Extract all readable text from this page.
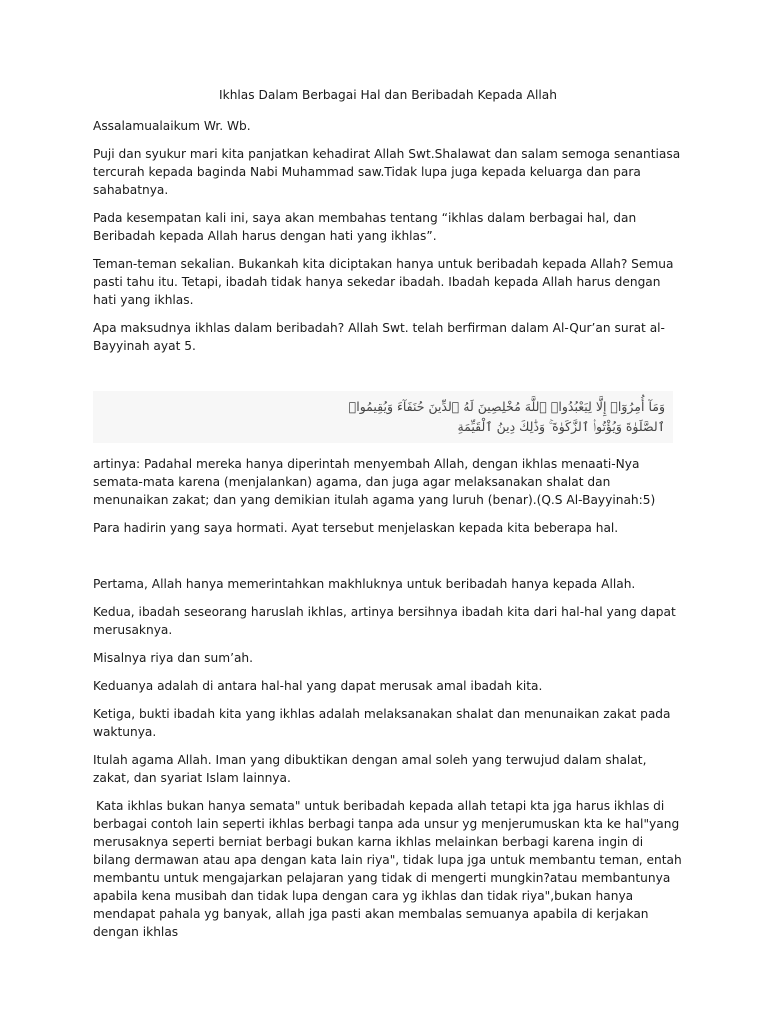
Ikhlas Dalam Berbagai Hal dan Beribadah Kepada Allah

Assalamualaikum Wr. Wb.

Puji dan syukur mari kita panjatkan kehadirat Allah Swt.Shalawat dan salam semoga senantiasa tercurah kepada baginda Nabi Muhammad saw.Tidak lupa juga kepada keluarga dan para sahabatnya.

Pada kesempatan kali ini, saya akan membahas tentang “ikhlas dalam berbagai hal, dan Beribadah kepada Allah harus dengan hati yang ikhlas”.

Teman-teman sekalian. Bukankah kita diciptakan hanya untuk beribadah kepada Allah? Semua pasti tahu itu. Tetapi, ibadah tidak hanya sekedar ibadah. Ibadah kepada Allah harus dengan hati yang ikhlas.

Apa maksudnya ikhlas dalam beribadah? Allah Swt. telah berfirman dalam Al-Qur’an surat al-Bayyinah ayat 5.

وَمَآ أُمِرُوٓا۟ إِلَّا لِيَعْبُدُوا۟ ٱللَّهَ مُخْلِصِينَ لَهُ ٱلدِّينَ حُنَفَآءَ وَيُقِيمُوا۟
ٱلصَّلَوٰةَ وَيُؤْتُوا۟ ٱلزَّكَوٰةَ ۚ وَذَٰلِكَ دِينُ ٱلْقَيِّمَةِ

artinya: Padahal mereka hanya diperintah menyembah Allah, dengan ikhlas menaati-Nya semata-mata karena (menjalankan) agama, dan juga agar melaksanakan shalat dan menunaikan zakat; dan yang demikian itulah agama yang luruh (benar).(Q.S Al-Bayyinah:5)

Para hadirin yang saya hormati. Ayat tersebut menjelaskan kepada kita beberapa hal.

Pertama, Allah hanya memerintahkan makhluknya untuk beribadah hanya kepada Allah.

Kedua, ibadah seseorang haruslah ikhlas, artinya bersihnya ibadah kita dari hal-hal yang dapat merusaknya.

Misalnya riya dan sum’ah.

Keduanya adalah di antara hal-hal yang dapat merusak amal ibadah kita.

Ketiga, bukti ibadah kita yang ikhlas adalah melaksanakan shalat dan menunaikan zakat pada waktunya.

Itulah agama Allah. Iman yang dibuktikan dengan amal soleh yang terwujud dalam shalat, zakat, dan syariat Islam lainnya.

Kata ikhlas bukan hanya semata" untuk beribadah kepada allah tetapi kta jga harus ikhlas di berbagai contoh lain seperti ikhlas berbagi tanpa ada unsur yg menjerumuskan kta ke hal"yang merusaknya seperti berniat berbagi bukan karna ikhlas melainkan berbagi karena ingin di bilang dermawan atau apa dengan kata lain riya", tidak lupa jga untuk membantu teman, entah membantu untuk mengajarkan pelajaran yang tidak di mengerti mungkin?atau membantunya apabila kena musibah dan tidak lupa dengan cara yg ikhlas dan tidak riya",bukan hanya mendapat pahala yg banyak, allah jga pasti akan membalas semuanya apabila di kerjakan dengan ikhlas
